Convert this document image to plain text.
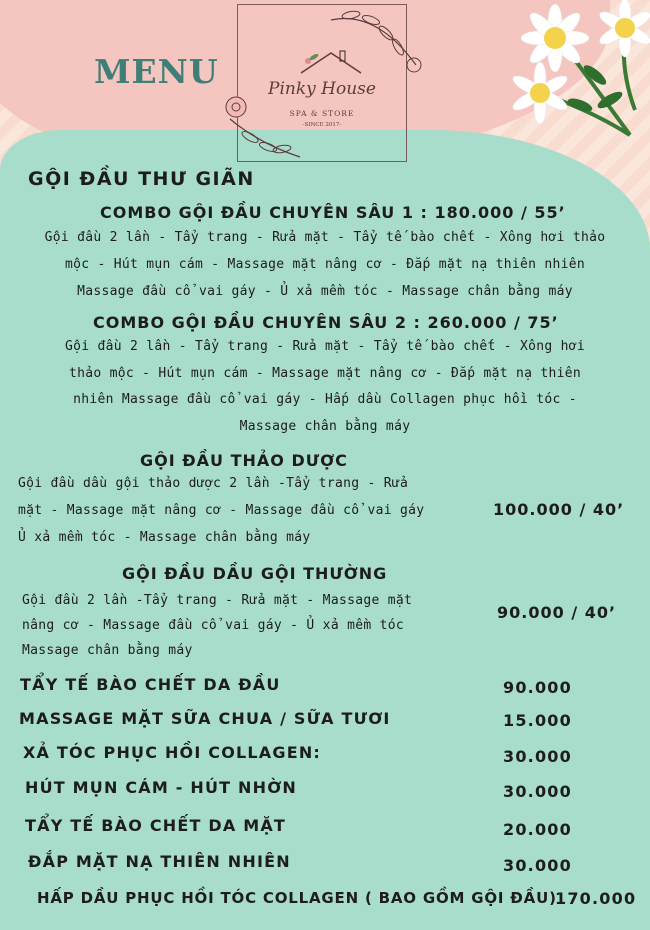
MENU	Pinky House
SPA & STORE
-SINCE 2017-
GỘI ĐẦU THƯ GIÃN
COMBO GỘI ĐẦU CHUYÊN SÂU 1 : 180.000 / 55’
Gội đầu 2 lần - Tẩy trang - Rửa mặt - Tẩy tế bào chết - Xông hơi thảo
mộc - Hút mụn cám - Massage mặt nâng cơ - Đắp mặt nạ thiên nhiên
Massage đầu cổ vai gáy - Ủ xả mềm tóc - Massage chân bằng máy
COMBO GỘI ĐẦU CHUYÊN SÂU 2 : 260.000 / 75’
Gội đầu 2 lần - Tẩy trang - Rửa mặt - Tẩy tế bào chết - Xông hơi
thảo mộc - Hút mụn cám - Massage mặt nâng cơ - Đắp mặt nạ thiên
nhiên Massage đầu cổ vai gáy - Hấp dầu Collagen phục hồi tóc -
Massage chân bằng máy
GỘI ĐẦU THẢO DƯỢC
Gội đầu dầu gội thảo dược 2 lần -Tẩy trang - Rửa
mặt - Massage mặt nâng cơ - Massage đầu cổ vai gáy
Ủ xả mềm tóc - Massage chân bằng máy
100.000 / 40’
GỘI ĐẦU DẦU GỘI THƯỜNG
Gội đầu 2 lần -Tẩy trang - Rửa mặt - Massage mặt
nâng cơ - Massage đầu cổ vai gáy - Ủ xả mềm tóc
Massage chân bằng máy
90.000 / 40’
TẨY TẾ BÀO CHẾT DA ĐẦU	90.000
MASSAGE MẶT SỮA CHUA / SỮA TƯƠI	15.000
XẢ TÓC PHỤC HỒI COLLAGEN:	30.000
HÚT MỤN CÁM - HÚT NHỜN	30.000
TẨY TẾ BÀO CHẾT DA MẶT	20.000
ĐẮP MẶT NẠ THIÊN NHIÊN	30.000
HẤP DẦU PHỤC HỒI TÓC COLLAGEN ( BAO GỒM GỘI ĐẦU)
170.000
